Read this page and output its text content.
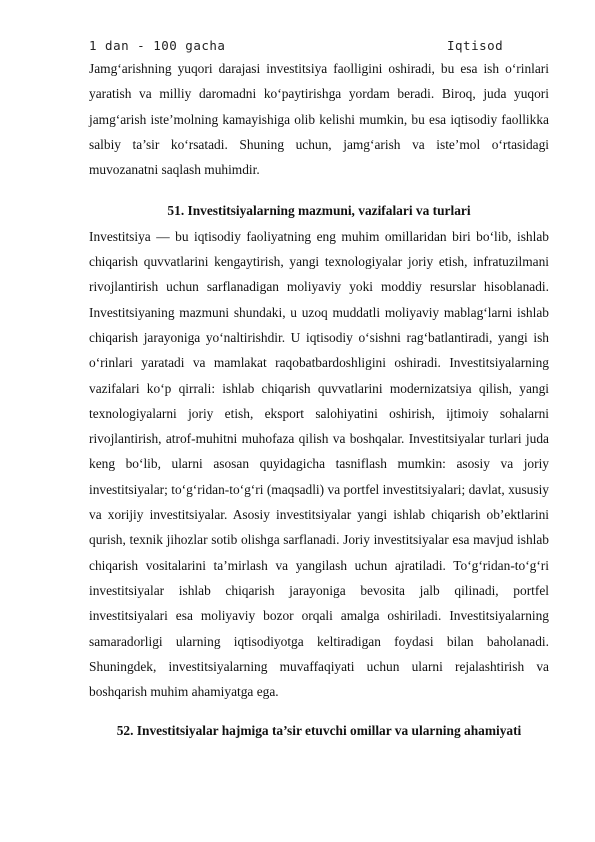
1 dan - 100 gacha	Iqtisod

Jamg‘arishning yuqori darajasi investitsiya faolligini oshiradi, bu esa ish o‘rinlari yaratish va milliy daromadni ko‘paytirishga yordam beradi. Biroq, juda yuqori jamg‘arish iste’molning kamayishiga olib kelishi mumkin, bu esa iqtisodiy faollikka salbiy ta’sir ko‘rsatadi. Shuning uchun, jamg‘arish va iste’mol o‘rtasidagi muvozanatni saqlash muhimdir.

51. Investitsiyalarning mazmuni, vazifalari va turlari

Investitsiya — bu iqtisodiy faoliyatning eng muhim omillaridan biri bo‘lib, ishlab chiqarish quvvatlarini kengaytirish, yangi texnologiyalar joriy etish, infratuzilmani rivojlantirish uchun sarflanadigan moliyaviy yoki moddiy resurslar hisoblanadi. Investitsiyaning mazmuni shundaki, u uzoq muddatli moliyaviy mablag‘larni ishlab chiqarish jarayoniga yo‘naltirishdir. U iqtisodiy o‘sishni rag‘batlantiradi, yangi ish o‘rinlari yaratadi va mamlakat raqobatbardoshligini oshiradi. Investitsiyalarning vazifalari ko‘p qirrali: ishlab chiqarish quvvatlarini modernizatsiya qilish, yangi texnologiyalarni joriy etish, eksport salohiyatini oshirish, ijtimoiy sohalarni rivojlantirish, atrof-muhitni muhofaza qilish va boshqalar. Investitsiyalar turlari juda keng bo‘lib, ularni asosan quyidagicha tasniflash mumkin: asosiy va joriy investitsiyalar; to‘g‘ridan-to‘g‘ri (maqsadli) va portfel investitsiyalari; davlat, xususiy va xorijiy investitsiyalar. Asosiy investitsiyalar yangi ishlab chiqarish ob’ektlarini qurish, texnik jihozlar sotib olishga sarflanadi. Joriy investitsiyalar esa mavjud ishlab chiqarish vositalarini ta’mirlash va yangilash uchun ajratiladi. To‘g‘ridan-to‘g‘ri investitsiyalar ishlab chiqarish jarayoniga bevosita jalb qilinadi, portfel investitsiyalari esa moliyaviy bozor orqali amalga oshiriladi. Investitsiyalarning samaradorligi ularning iqtisodiyotga keltiradigan foydasi bilan baholanadi. Shuningdek, investitsiyalarning muvaffaqiyati uchun ularni rejalashtirish va boshqarish muhim ahamiyatga ega.

52. Investitsiyalar hajmiga ta’sir etuvchi omillar va ularning ahamiyati
